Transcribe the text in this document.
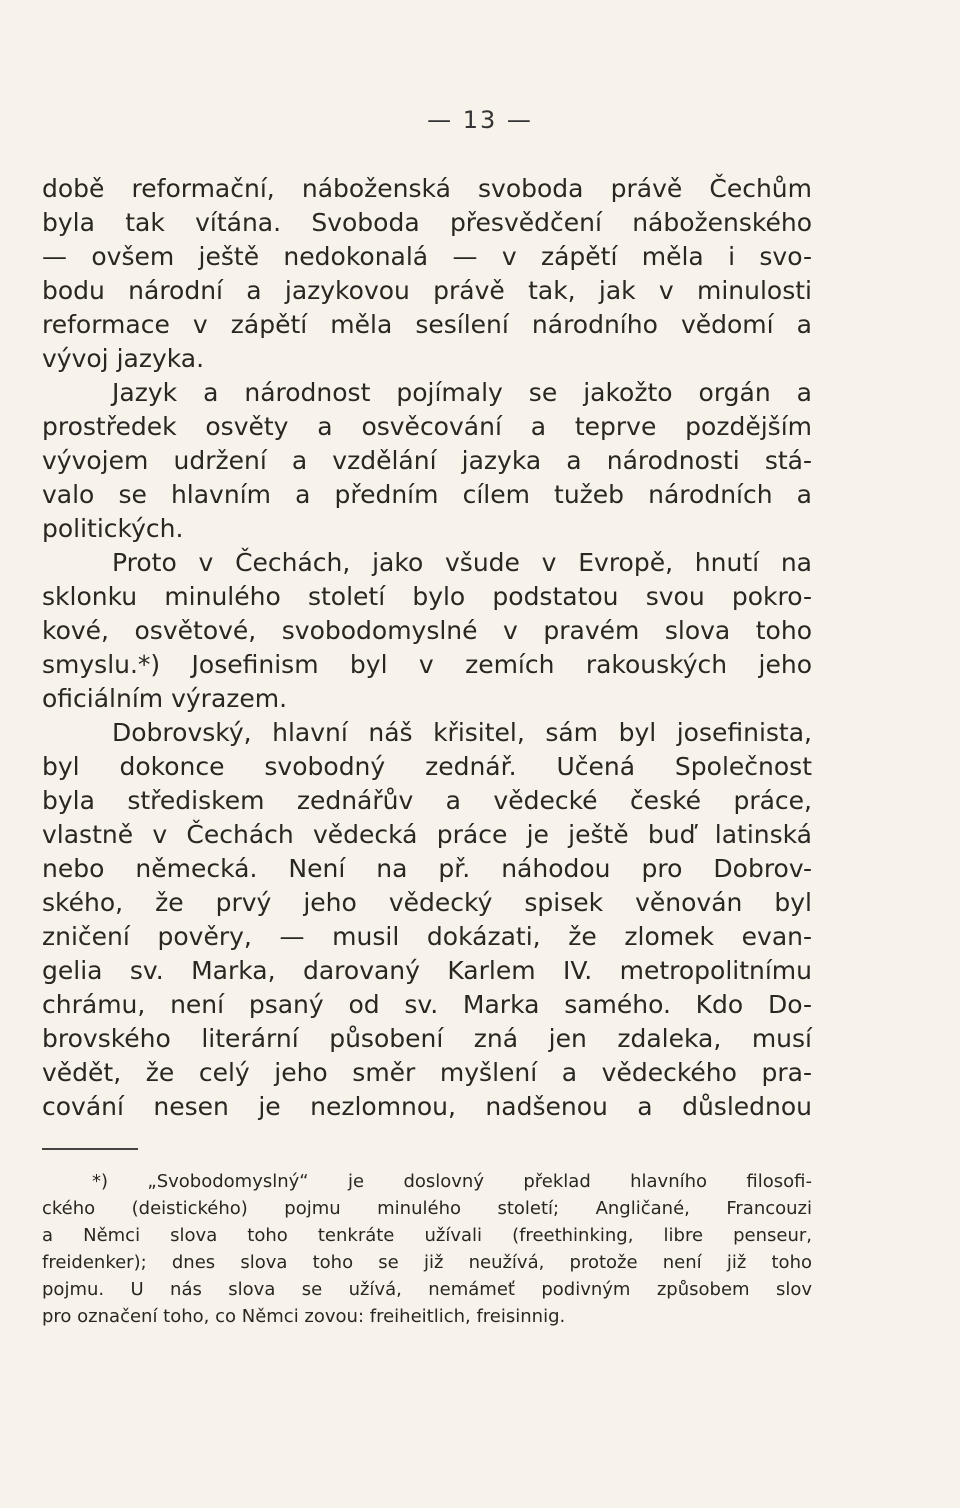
— 13 —
době reformační, náboženská svoboda právě Čechům
byla tak vítána. Svoboda přesvědčení náboženského
— ovšem ještě nedokonalá — v zápětí měla i svo-
bodu národní a jazykovou právě tak, jak v minulosti
reformace v zápětí měla sesílení národního vědomí a
vývoj jazyka.
Jazyk a národnost pojímaly se jakožto orgán a
prostředek osvěty a osvěcování a teprve pozdějším
vývojem udržení a vzdělání jazyka a národnosti stá-
valo se hlavním a předním cílem tužeb národních a
politických.
Proto v Čechách, jako všude v Evropě, hnutí na
sklonku minulého století bylo podstatou svou pokro-
kové, osvětové, svobodomyslné v pravém slova toho
smyslu.*) Josefinism byl v zemích rakouských jeho
oficiálním výrazem.
Dobrovský, hlavní náš křisitel, sám byl josefinista,
byl dokonce svobodný zednář. Učená Společnost
byla střediskem zednářův a vědecké české práce,
vlastně v Čechách vědecká práce je ještě buď latinská
nebo německá. Není na př. náhodou pro Dobrov-
ského, že prvý jeho vědecký spisek věnován byl
zničení pověry, — musil dokázati, že zlomek evan-
gelia sv. Marka, darovaný Karlem IV. metropolitnímu
chrámu, není psaný od sv. Marka samého. Kdo Do-
brovského literární působení zná jen zdaleka, musí
vědět, že celý jeho směr myšlení a vědeckého pra-
cování nesen je nezlomnou, nadšenou a důslednou
*) „Svobodomyslný“ je doslovný překlad hlavního filosofi-
ckého (deistického) pojmu minulého století; Angličané, Francouzi
a Němci slova toho tenkráte užívali (freethinking, libre penseur,
freidenker); dnes slova toho se již neužívá, protože není již toho
pojmu. U nás slova se užívá, nemámeť podivným způsobem slov
pro označení toho, co Němci zovou: freiheitlich, freisinnig.
